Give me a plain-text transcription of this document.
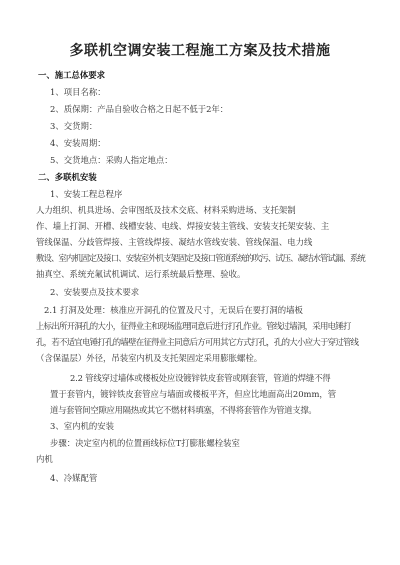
多联机空调安装工程施工方案及技术措施
一、施工总体要求
1、项目名称：
2、质保期：产品自验收合格之日起不低于2年：
3、交货期：
4、安装周期：
5、交货地点：采购人指定地点：
二、多联机安装
1、安装工程总程序
人力组织、机具进场、会审图纸及技术交底、材料采购进场、支托架制
作、墙上打洞、开槽、线槽安装、电线、焊接安装主管线、安装支托架安装、主
管线保温、分歧管焊接、主管线焊接、凝结水管线安装、管线保温、电力线
敷设、室内机固定及接口、安装室外机支架固定及接口管道系统的吹污、试压、凝结水管试漏、系统
抽真空、系统充氟试机调试、运行系统最后整理、验收。
2、安装要点及技术要求
2.1 打洞及处理：核准应开洞孔的位置及尺寸，无误后在要打洞的墙板
上标出所开洞孔的大小，征得业主和现场监理同意后进行打孔作业。管线过墙洞，采用电锤打
孔，若不适宜电锤打孔的墙壁在征得业主同意后方可用其它方式打孔，孔的大小应大于穿过管线
（含保温层）外径，吊装室内机及支托架固定采用膨胀螺栓。
2.2 管线穿过墙体或楼板处应设镀锌铁皮套管或刚套管，管道的焊缝不得
置于套管内，镀锌铁皮套管应与墙面或楼板平齐，但应比地面高出20mm，管
道与套管间空隙应用隔热或其它不燃材料填塞，不得将套管作为管道支撑。
3、室内机的安装
步骤：决定室内机的位置画线标位T打膨胀螺栓装室
内机
4、冷媒配管
